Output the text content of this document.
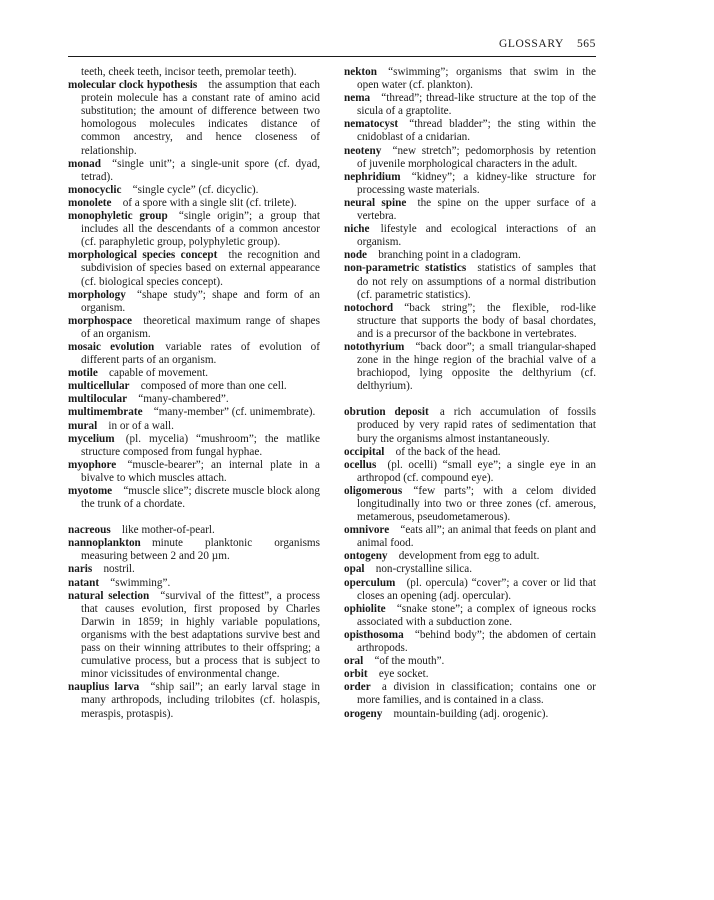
GLOSSARY 565
teeth, cheek teeth, incisor teeth, premolar teeth).
molecular clock hypothesis  the assumption that each protein molecule has a constant rate of amino acid substitution; the amount of difference between two homologous molecules indicates distance of common ancestry, and hence closeness of relationship.
monad  “single unit”; a single-unit spore (cf. dyad, tetrad).
monocyclic  “single cycle” (cf. dicyclic).
monolete  of a spore with a single slit (cf. trilete).
monophyletic group  “single origin”; a group that includes all the descendants of a common ancestor (cf. paraphyletic group, polyphyletic group).
morphological species concept  the recognition and subdivision of species based on external appearance (cf. biological species concept).
morphology  “shape study”; shape and form of an organism.
morphospace  theoretical maximum range of shapes of an organism.
mosaic evolution  variable rates of evolution of different parts of an organism.
motile  capable of movement.
multicellular  composed of more than one cell.
multilocular  “many-chambered”.
multimembrate  “many-member” (cf. unimembrate).
mural  in or of a wall.
mycelium  (pl. mycelia) “mushroom”; the matlike structure composed from fungal hyphae.
myophore  “muscle-bearer”; an internal plate in a bivalve to which muscles attach.
myotome  “muscle slice”; discrete muscle block along the trunk of a chordate.
nacreous  like mother-of-pearl.
nannoplankton  minute planktonic organisms measuring between 2 and 20 µm.
naris  nostril.
natant  “swimming”.
natural selection  “survival of the fittest”, a process that causes evolution, first proposed by Charles Darwin in 1859; in highly variable populations, organisms with the best adaptations survive best and pass on their winning attributes to their offspring; a cumulative process, but a process that is subject to minor vicissitudes of environmental change.
nauplius larva  “ship sail”; an early larval stage in many arthropods, including trilobites (cf. holaspis, meraspis, protaspis).
nekton  “swimming”; organisms that swim in the open water (cf. plankton).
nema  “thread”; thread-like structure at the top of the sicula of a graptolite.
nematocyst  “thread bladder”; the sting within the cnidoblast of a cnidarian.
neoteny  “new stretch”; pedomorphosis by retention of juvenile morphological characters in the adult.
nephridium  “kidney”; a kidney-like structure for processing waste materials.
neural spine  the spine on the upper surface of a vertebra.
niche  lifestyle and ecological interactions of an organism.
node  branching point in a cladogram.
non-parametric statistics  statistics of samples that do not rely on assumptions of a normal distribution (cf. parametric statistics).
notochord  “back string”; the flexible, rod-like structure that supports the body of basal chordates, and is a precursor of the backbone in vertebrates.
notothyrium  “back door”; a small triangular-shaped zone in the hinge region of the brachial valve of a brachiopod, lying opposite the delthyrium (cf. delthyrium).
obrution deposit  a rich accumulation of fossils produced by very rapid rates of sedimentation that bury the organisms almost instantaneously.
occipital  of the back of the head.
ocellus  (pl. ocelli) “small eye”; a single eye in an arthropod (cf. compound eye).
oligomerous  “few parts”; with a celom divided longitudinally into two or three zones (cf. amerous, metamerous, pseudometamerous).
omnivore  “eats all”; an animal that feeds on plant and animal food.
ontogeny  development from egg to adult.
opal  non-crystalline silica.
operculum  (pl. opercula) “cover”; a cover or lid that closes an opening (adj. opercular).
ophiolite  “snake stone”; a complex of igneous rocks associated with a subduction zone.
opisthosoma  “behind body”; the abdomen of certain arthropods.
oral  “of the mouth”.
orbit  eye socket.
order  a division in classification; contains one or more families, and is contained in a class.
orogeny  mountain-building (adj. orogenic).
